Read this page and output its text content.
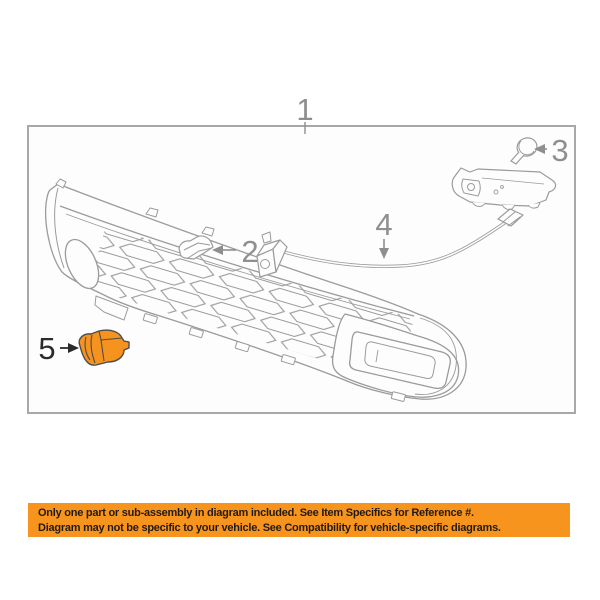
1
2
3
4
5
Only one part or sub-assembly in diagram included. See Item Specifics for Reference #.
Diagram may not be specific to your vehicle. See Compatibility for vehicle-specific diagrams.
